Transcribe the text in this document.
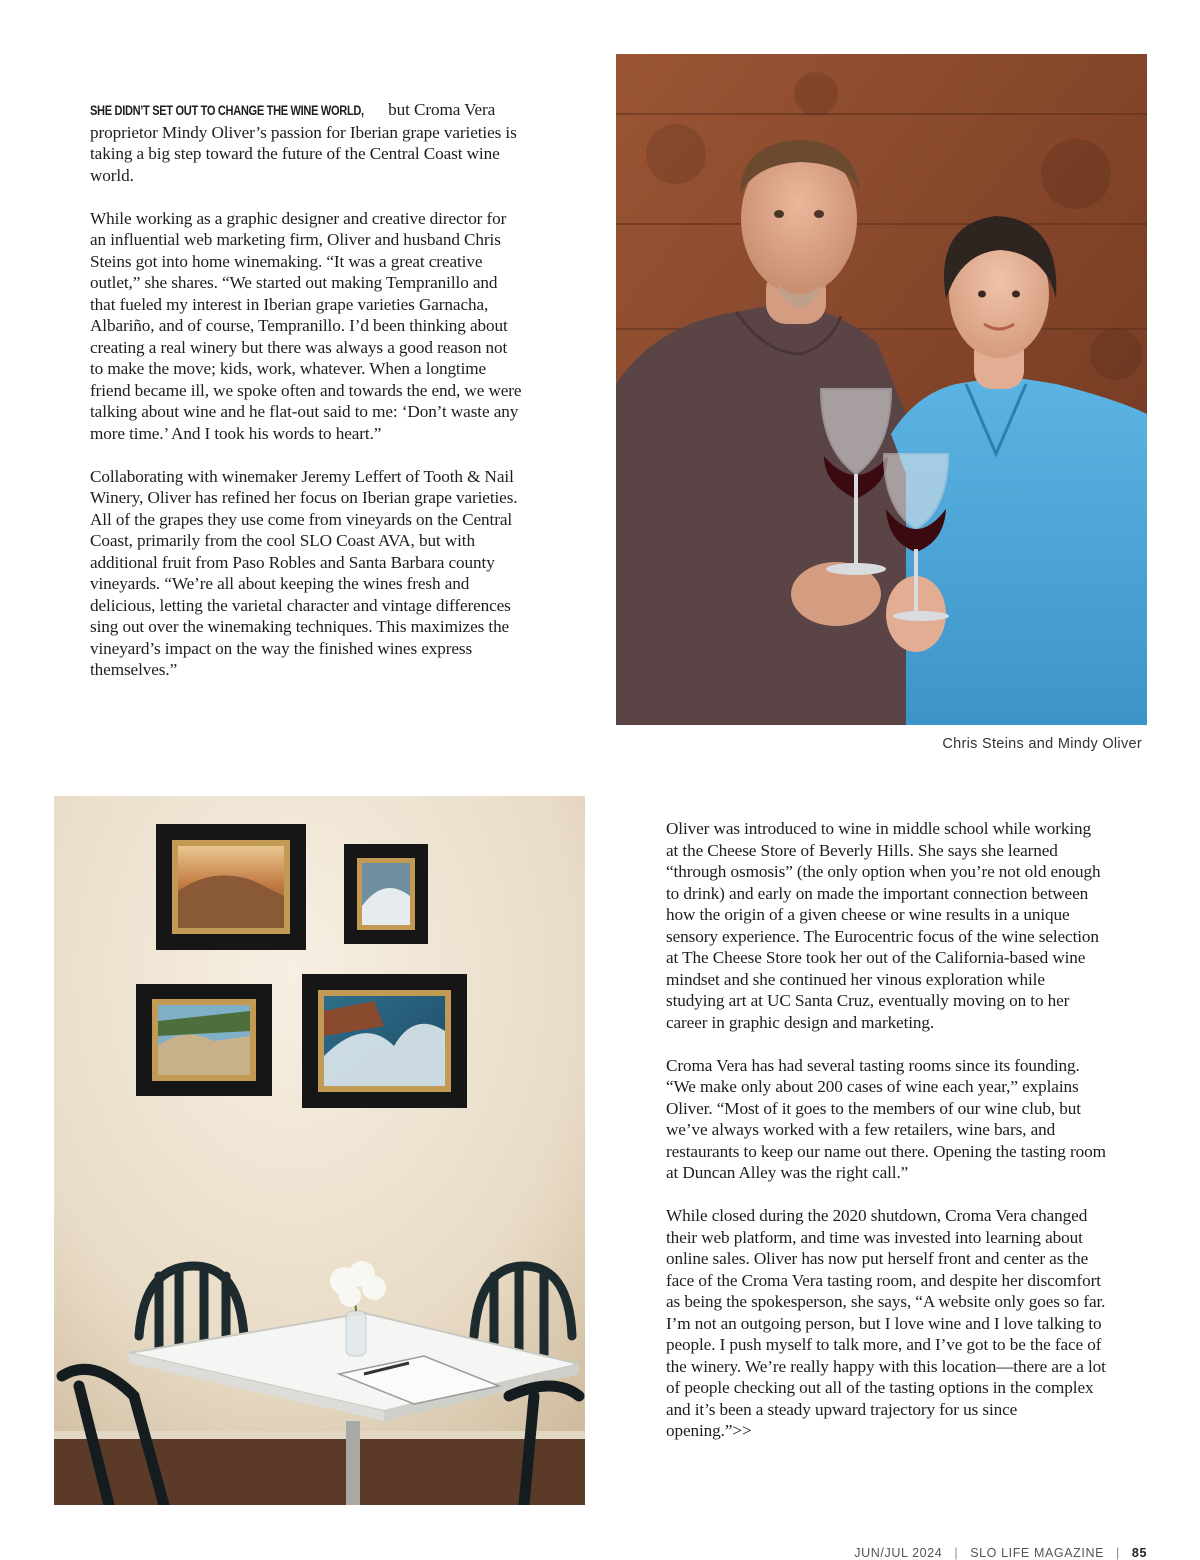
SHE DIDN’T SET OUT TO CHANGE THE WINE WORLD, but Croma Vera proprietor Mindy Oliver’s passion for Iberian grape varieties is taking a big step toward the future of the Central Coast wine world.

While working as a graphic designer and creative director for an influential web marketing firm, Oliver and husband Chris Steins got into home winemaking. “It was a great creative outlet,” she shares. “We started out making Tempranillo and that fueled my interest in Iberian grape varieties Garnacha, Albariño, and of course, Tempranillo. I’d been thinking about creating a real winery but there was always a good reason not to make the move; kids, work, whatever. When a longtime friend became ill, we spoke often and towards the end, we were talking about wine and he flat-out said to me: ‘Don’t waste any more time.’ And I took his words to heart.”

Collaborating with winemaker Jeremy Leffert of Tooth & Nail Winery, Oliver has refined her focus on Iberian grape varieties. All of the grapes they use come from vineyards on the Central Coast, primarily from the cool SLO Coast AVA, but with additional fruit from Paso Robles and Santa Barbara county vineyards. “We’re all about keeping the wines fresh and delicious, letting the varietal character and vintage differences sing out over the winemaking techniques. This maximizes the vineyard’s impact on the way the finished wines express themselves.”

Chris Steins and Mindy Oliver

Oliver was introduced to wine in middle school while working at the Cheese Store of Beverly Hills. She says she learned “through osmosis” (the only option when you’re not old enough to drink) and early on made the important connection between how the origin of a given cheese or wine results in a unique sensory experience. The Eurocentric focus of the wine selection at The Cheese Store took her out of the California-based wine mindset and she continued her vinous exploration while studying art at UC Santa Cruz, eventually moving on to her career in graphic design and marketing.

Croma Vera has had several tasting rooms since its founding. “We make only about 200 cases of wine each year,” explains Oliver. “Most of it goes to the members of our wine club, but we’ve always worked with a few retailers, wine bars, and restaurants to keep our name out there. Opening the tasting room at Duncan Alley was the right call.”

While closed during the 2020 shutdown, Croma Vera changed their web platform, and time was invested into learning about online sales. Oliver has now put herself front and center as the face of the Croma Vera tasting room, and despite her discomfort as being the spokesperson, she says, “A website only goes so far. I’m not an outgoing person, but I love wine and I love talking to people. I push myself to talk more, and I’ve got to be the face of the winery. We’re really happy with this location—there are a lot of people checking out all of the tasting options in the complex and it’s been a steady upward trajectory for us since opening.”>>

JUN/JUL 2024 | SLO LIFE MAGAZINE | 85
